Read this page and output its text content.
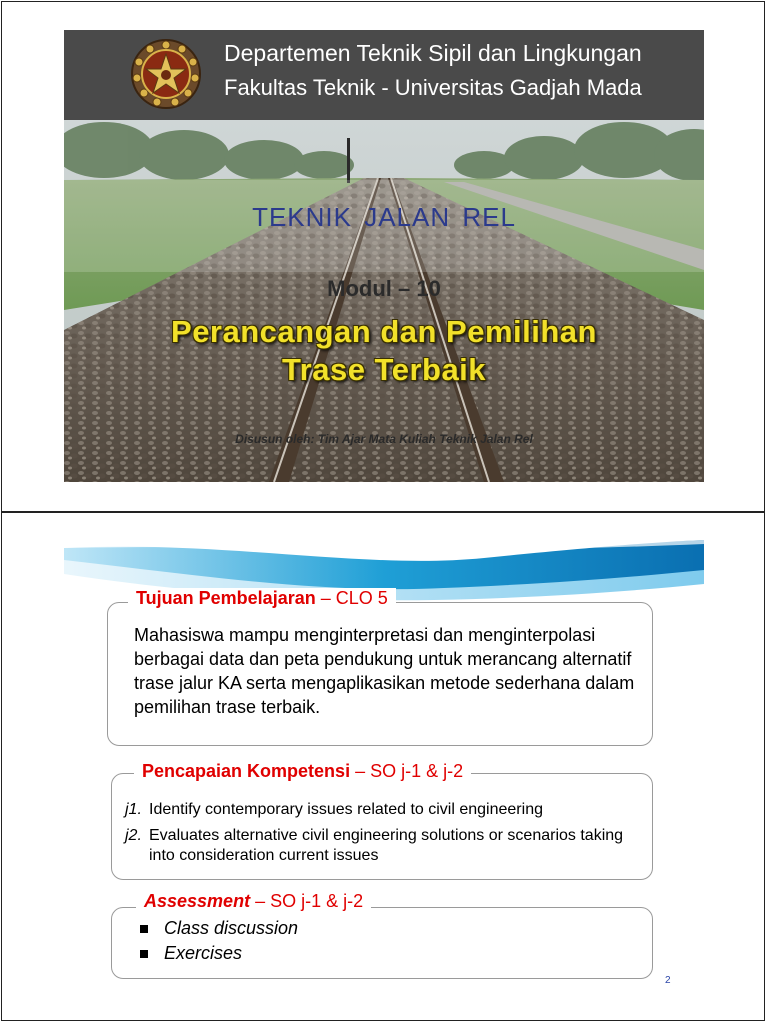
Departemen Teknik Sipil dan Lingkungan
Fakultas Teknik - Universitas Gadjah Mada
TEKNIK JALAN REL
Modul – 10
Perancangan dan Pemilihan
Trase Terbaik
Disusun oleh: Tim Ajar Mata Kuliah Teknik Jalan Rel
Tujuan Pembelajaran – CLO 5
Mahasiswa mampu menginterpretasi dan menginterpolasi berbagai data dan peta pendukung untuk merancang alternatif trase jalur KA serta mengaplikasikan metode sederhana dalam pemilihan trase terbaik.
Pencapaian Kompetensi – SO j-1 & j-2
j1. Identify contemporary issues related to civil engineering
j2. Evaluates alternative civil engineering solutions or scenarios taking into consideration current issues
Assessment – SO j-1 & j-2
Class discussion
Exercises
2
